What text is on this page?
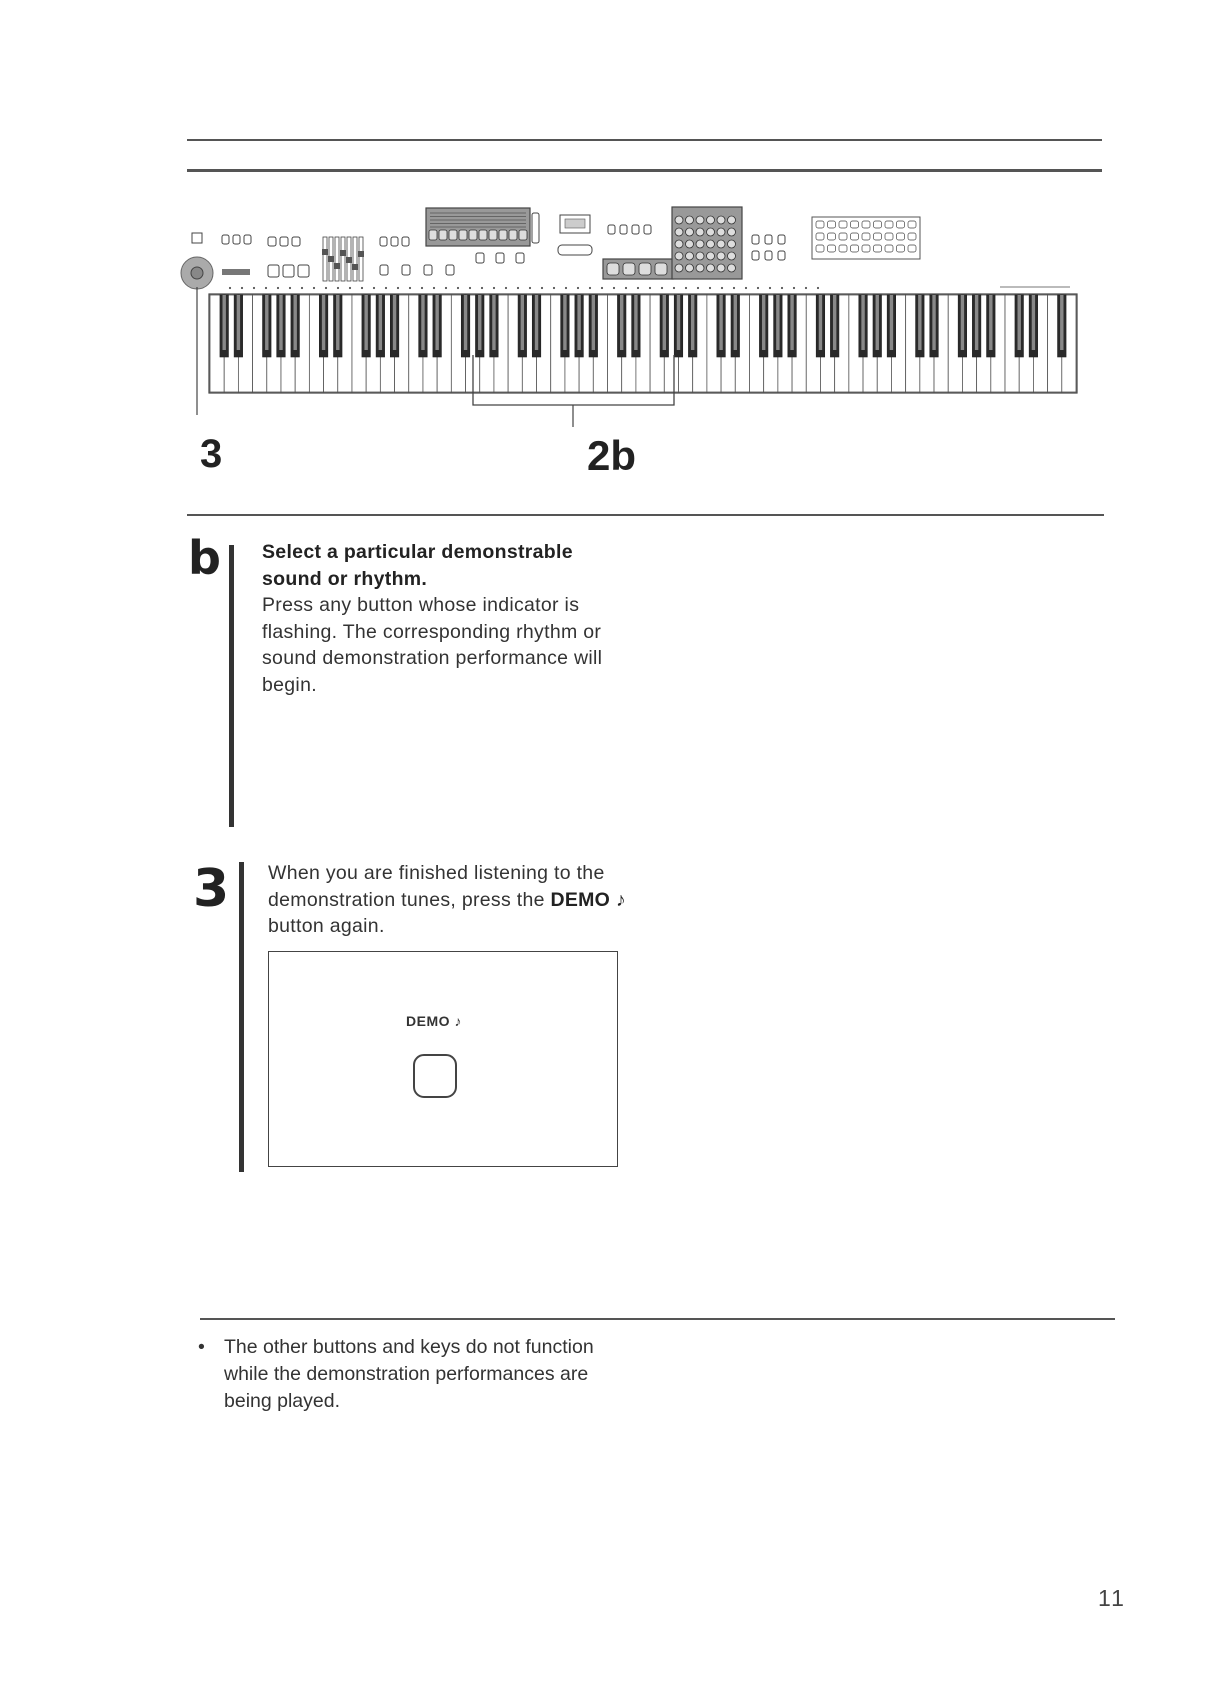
3	2b
b Select a particular demonstrable sound or rhythm.
Press any button whose indicator is flashing. The corresponding rhythm or sound demonstration performance will begin.
3 When you are finished listening to the demonstration tunes, press the DEMO ♪ button again.
DEMO ♪
• The other buttons and keys do not function while the demonstration performances are being played.
11
